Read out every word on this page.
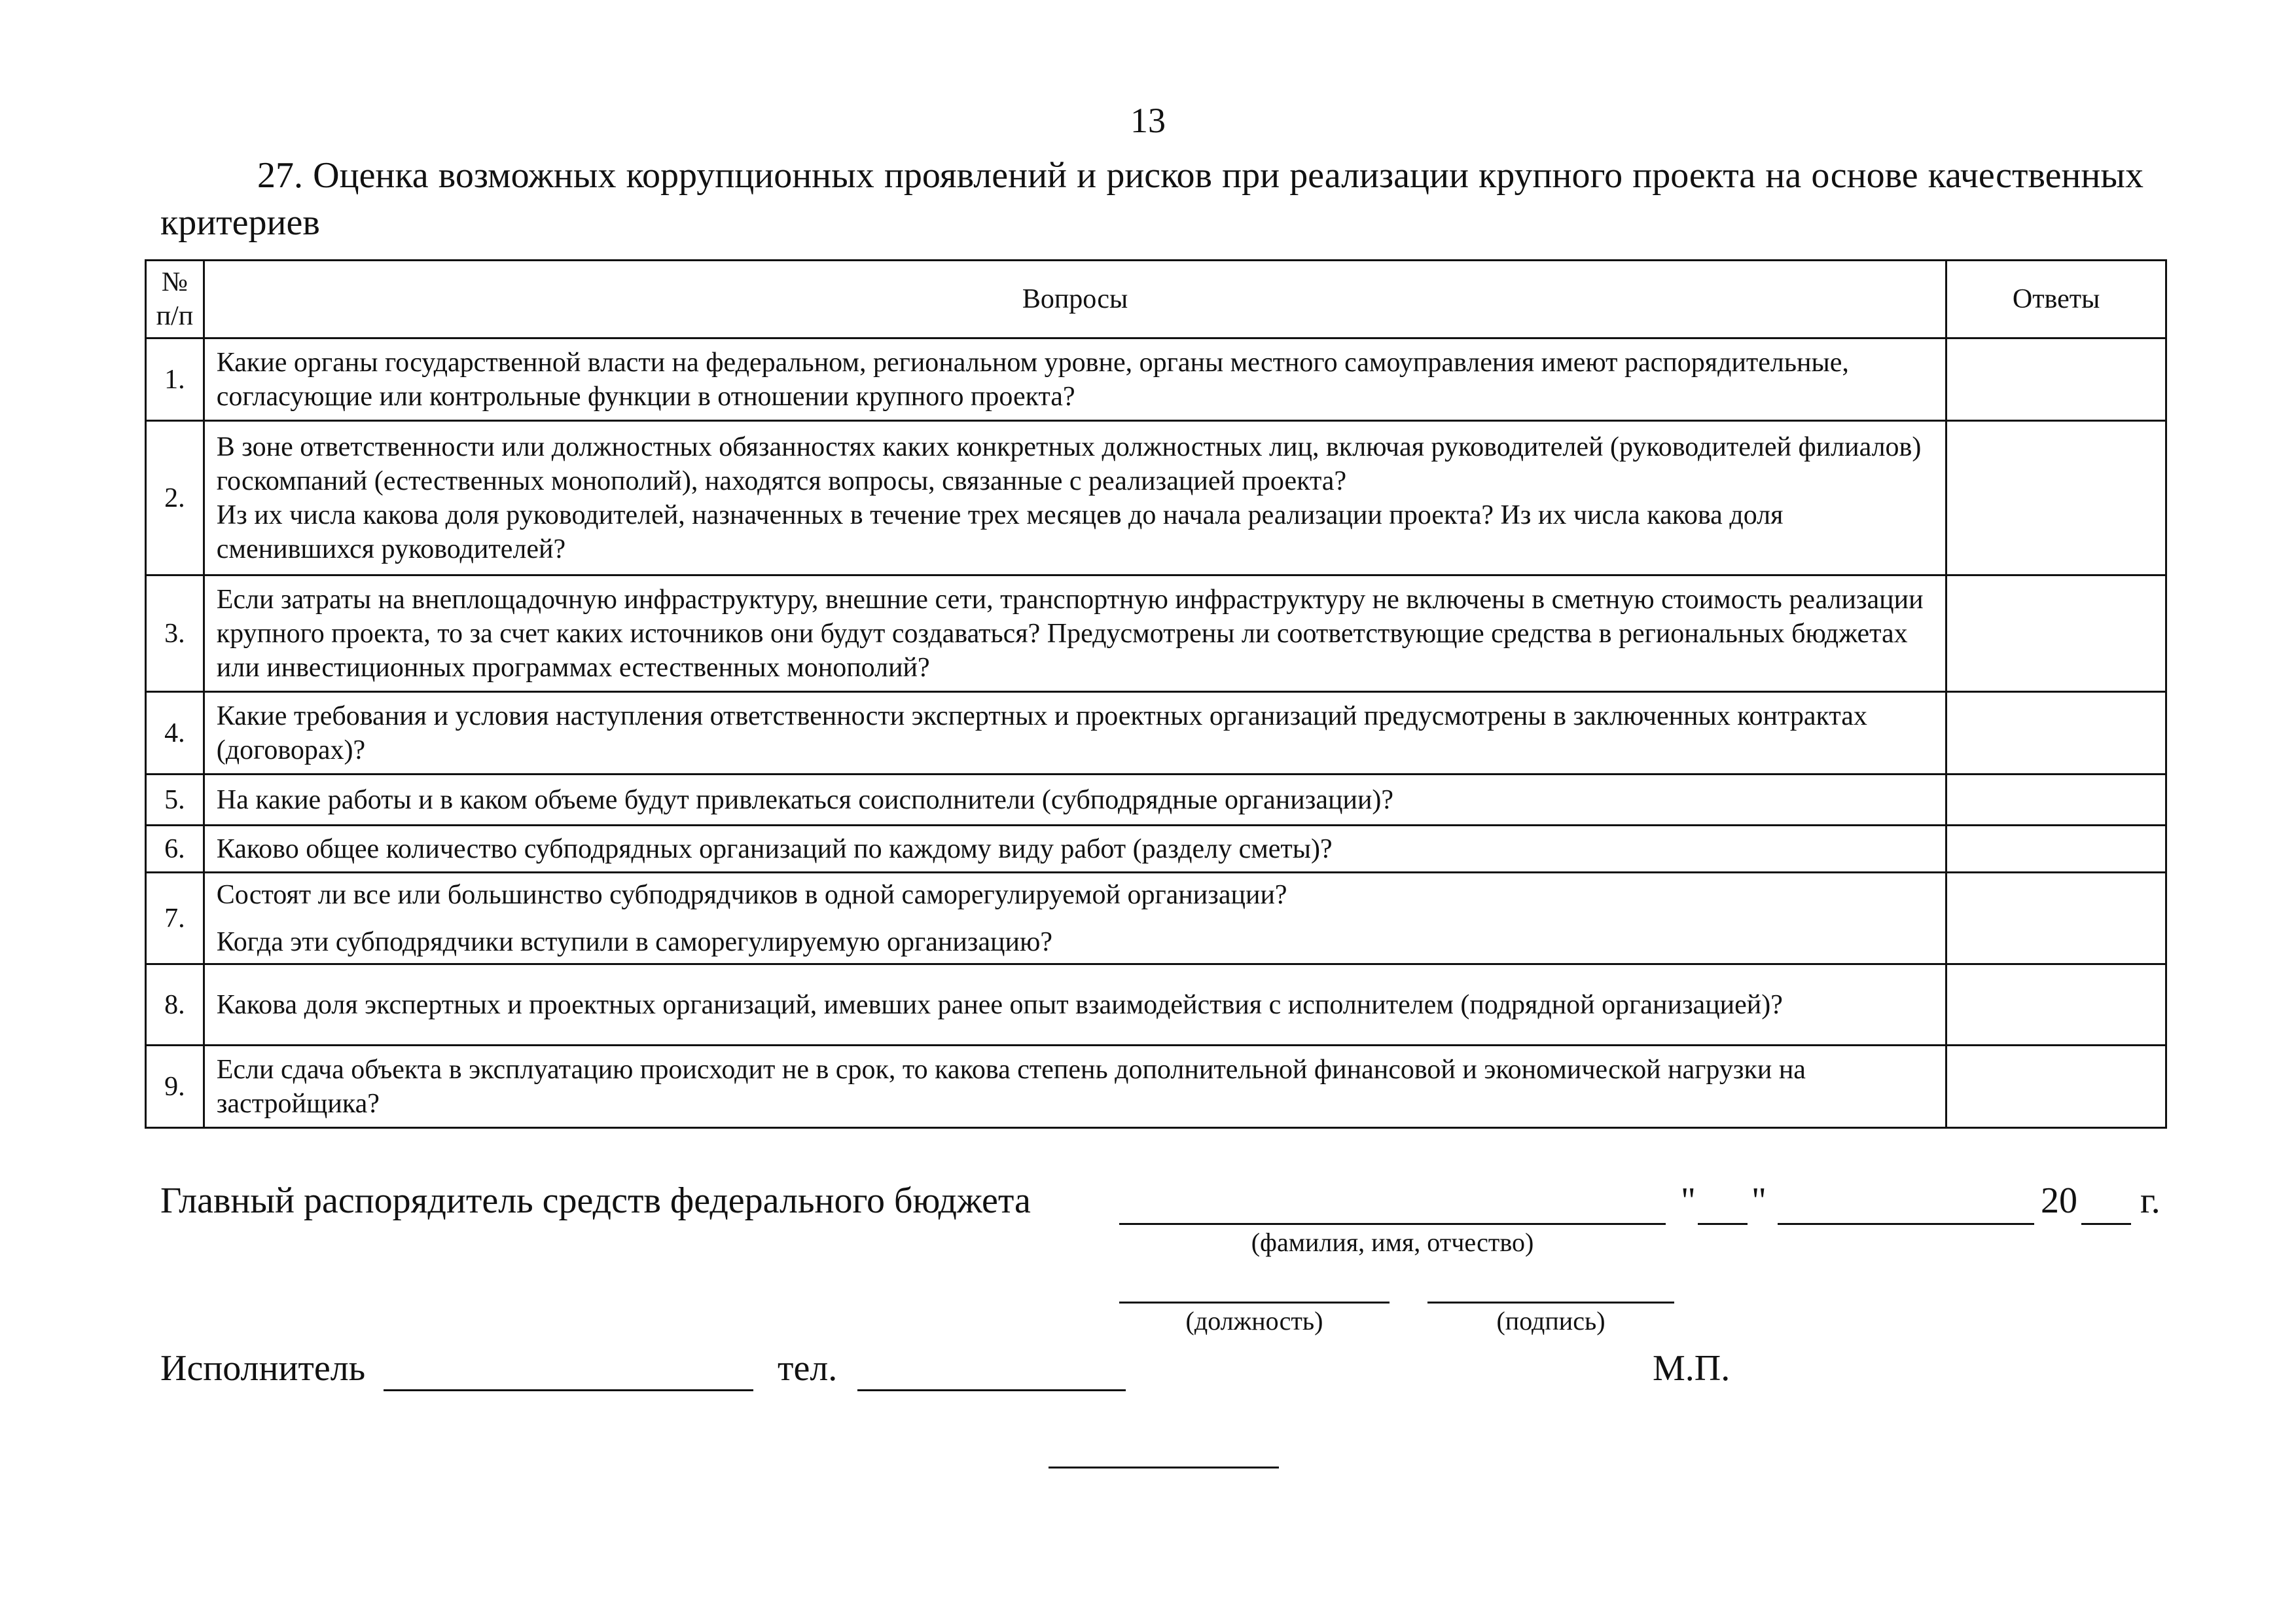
13
27. Оценка возможных коррупционных проявлений и рисков при реализации крупного проекта на основе качественных критериев
№ п/п	Вопросы	Ответы
1.	Какие органы государственной власти на федеральном, региональном уровне, органы местного самоуправления имеют распорядительные, согласующие или контрольные функции в отношении крупного проекта?	

2.	В зоне ответственности или должностных обязанностях каких конкретных должностных лиц, включая руководителей (руководителей филиалов) госкомпаний (естественных монополий), находятся вопросы, связанные с реализацией проекта?
Из их числа какова доля руководителей, назначенных в течение трех месяцев до начала реализации проекта? Из их числа какова доля сменившихся руководителей?	

3.	Если затраты на внеплощадочную инфраструктуру, внешние сети, транспортную инфраструктуру не включены в сметную стоимость реализации крупного проекта, то за счет каких источников они будут создаваться? Предусмотрены ли соответствующие средства в региональных бюджетах или инвестиционных программах естественных монополий?	

4.	Какие требования и условия наступления ответственности экспертных и проектных организаций предусмотрены в заключенных контрактах (договорах)?	

5.	На какие работы и в каком объеме будут привлекаться соисполнители (субподрядные организации)?	

6.	Каково общее количество субподрядных организаций по каждому виду работ (разделу сметы)?	

7.	Состоят ли все или большинство субподрядчиков в одной саморегулируемой организации?
Когда эти субподрядчики вступили в саморегулируемую организацию?	

8.	Какова доля экспертных и проектных организаций, имевших ранее опыт взаимодействия с исполнителем (подрядной организацией)?	

9.	Если сдача объекта в эксплуатацию происходит не в срок, то какова степень дополнительной финансовой и экономической нагрузки на застройщика?	

Главный распорядитель средств федерального бюджета	" "	20 г.
(фамилия, имя, отчество)
(должность)	(подпись)
Исполнитель	тел.	М.П.
